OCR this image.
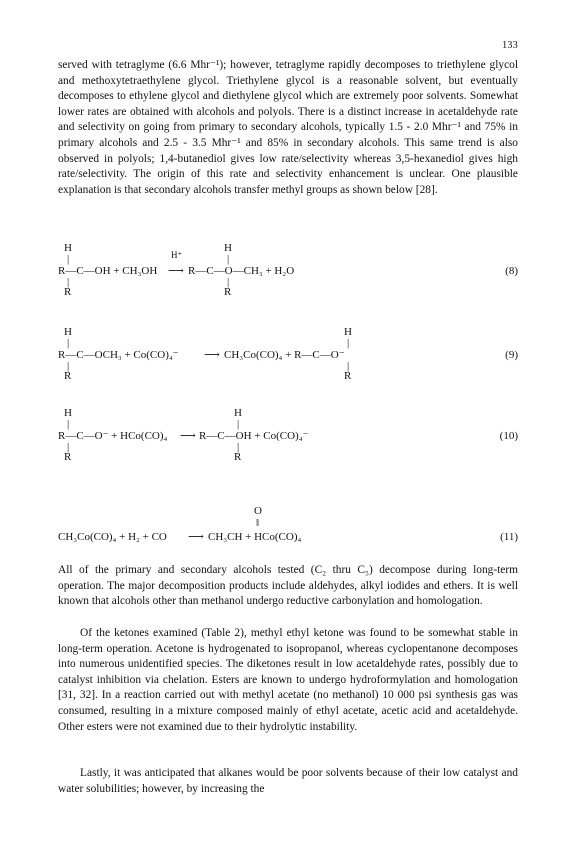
133

served with tetraglyme (6.6 Mhr⁻¹); however, tetraglyme rapidly decomposes to triethylene glycol and methoxytetraethylene glycol. Triethylene glycol is a reasonable solvent, but eventually decomposes to ethylene glycol and diethylene glycol which are extremely poor solvents. Somewhat lower rates are obtained with alcohols and polyols. There is a distinct increase in acetaldehyde rate and selectivity on going from primary to secondary alcohols, typically 1.5 - 2.0 Mhr⁻¹ and 75% in primary alcohols and 2.5 - 3.5 Mhr⁻¹ and 85% in secondary alcohols. This same trend is also observed in polyols; 1,4-butanediol gives low rate/selectivity whereas 3,5-hexanediol gives high rate/selectivity. The origin of this rate and selectivity enhancement is unclear. One plausible explanation is that secondary alcohols transfer methyl groups as shown below [28].

H
|
H
|
H⁺
R—C—OH + CH₃OH ⟶ R—C—O—CH₃ + H₂O
|
R
|
R
(8)
H
|
H
|
R—C—OCH₃ + Co(CO)₄⁻ ⟶ CH₃Co(CO)₄ + R—C—O⁻
|
R
|
R
(9)
H
|
H
|
R—C—O⁻ + HCo(CO)₄ ⟶ R—C—OH + Co(CO)₄⁻
|
R
|
R
(10)
O
‖
CH₃Co(CO)₄ + H₂ + CO ⟶ CH₃CH + HCo(CO)₄	(11)

All of the primary and secondary alcohols tested (C₂ thru C₅) decompose during long-term operation. The major decomposition products include aldehydes, alkyl iodides and ethers. It is well known that alcohols other than methanol undergo reductive carbonylation and homologation.

Of the ketones examined (Table 2), methyl ethyl ketone was found to be somewhat stable in long-term operation. Acetone is hydrogenated to isopropanol, whereas cyclopentanone decomposes into numerous unidentified species. The diketones result in low acetaldehyde rates, possibly due to catalyst inhibition via chelation. Esters are known to undergo hydroformylation and homologation [31, 32]. In a reaction carried out with methyl acetate (no methanol) 10 000 psi synthesis gas was consumed, resulting in a mixture composed mainly of ethyl acetate, acetic acid and acetaldehyde. Other esters were not examined due to their hydrolytic instability.

Lastly, it was anticipated that alkanes would be poor solvents because of their low catalyst and water solubilities; however, by increasing the
